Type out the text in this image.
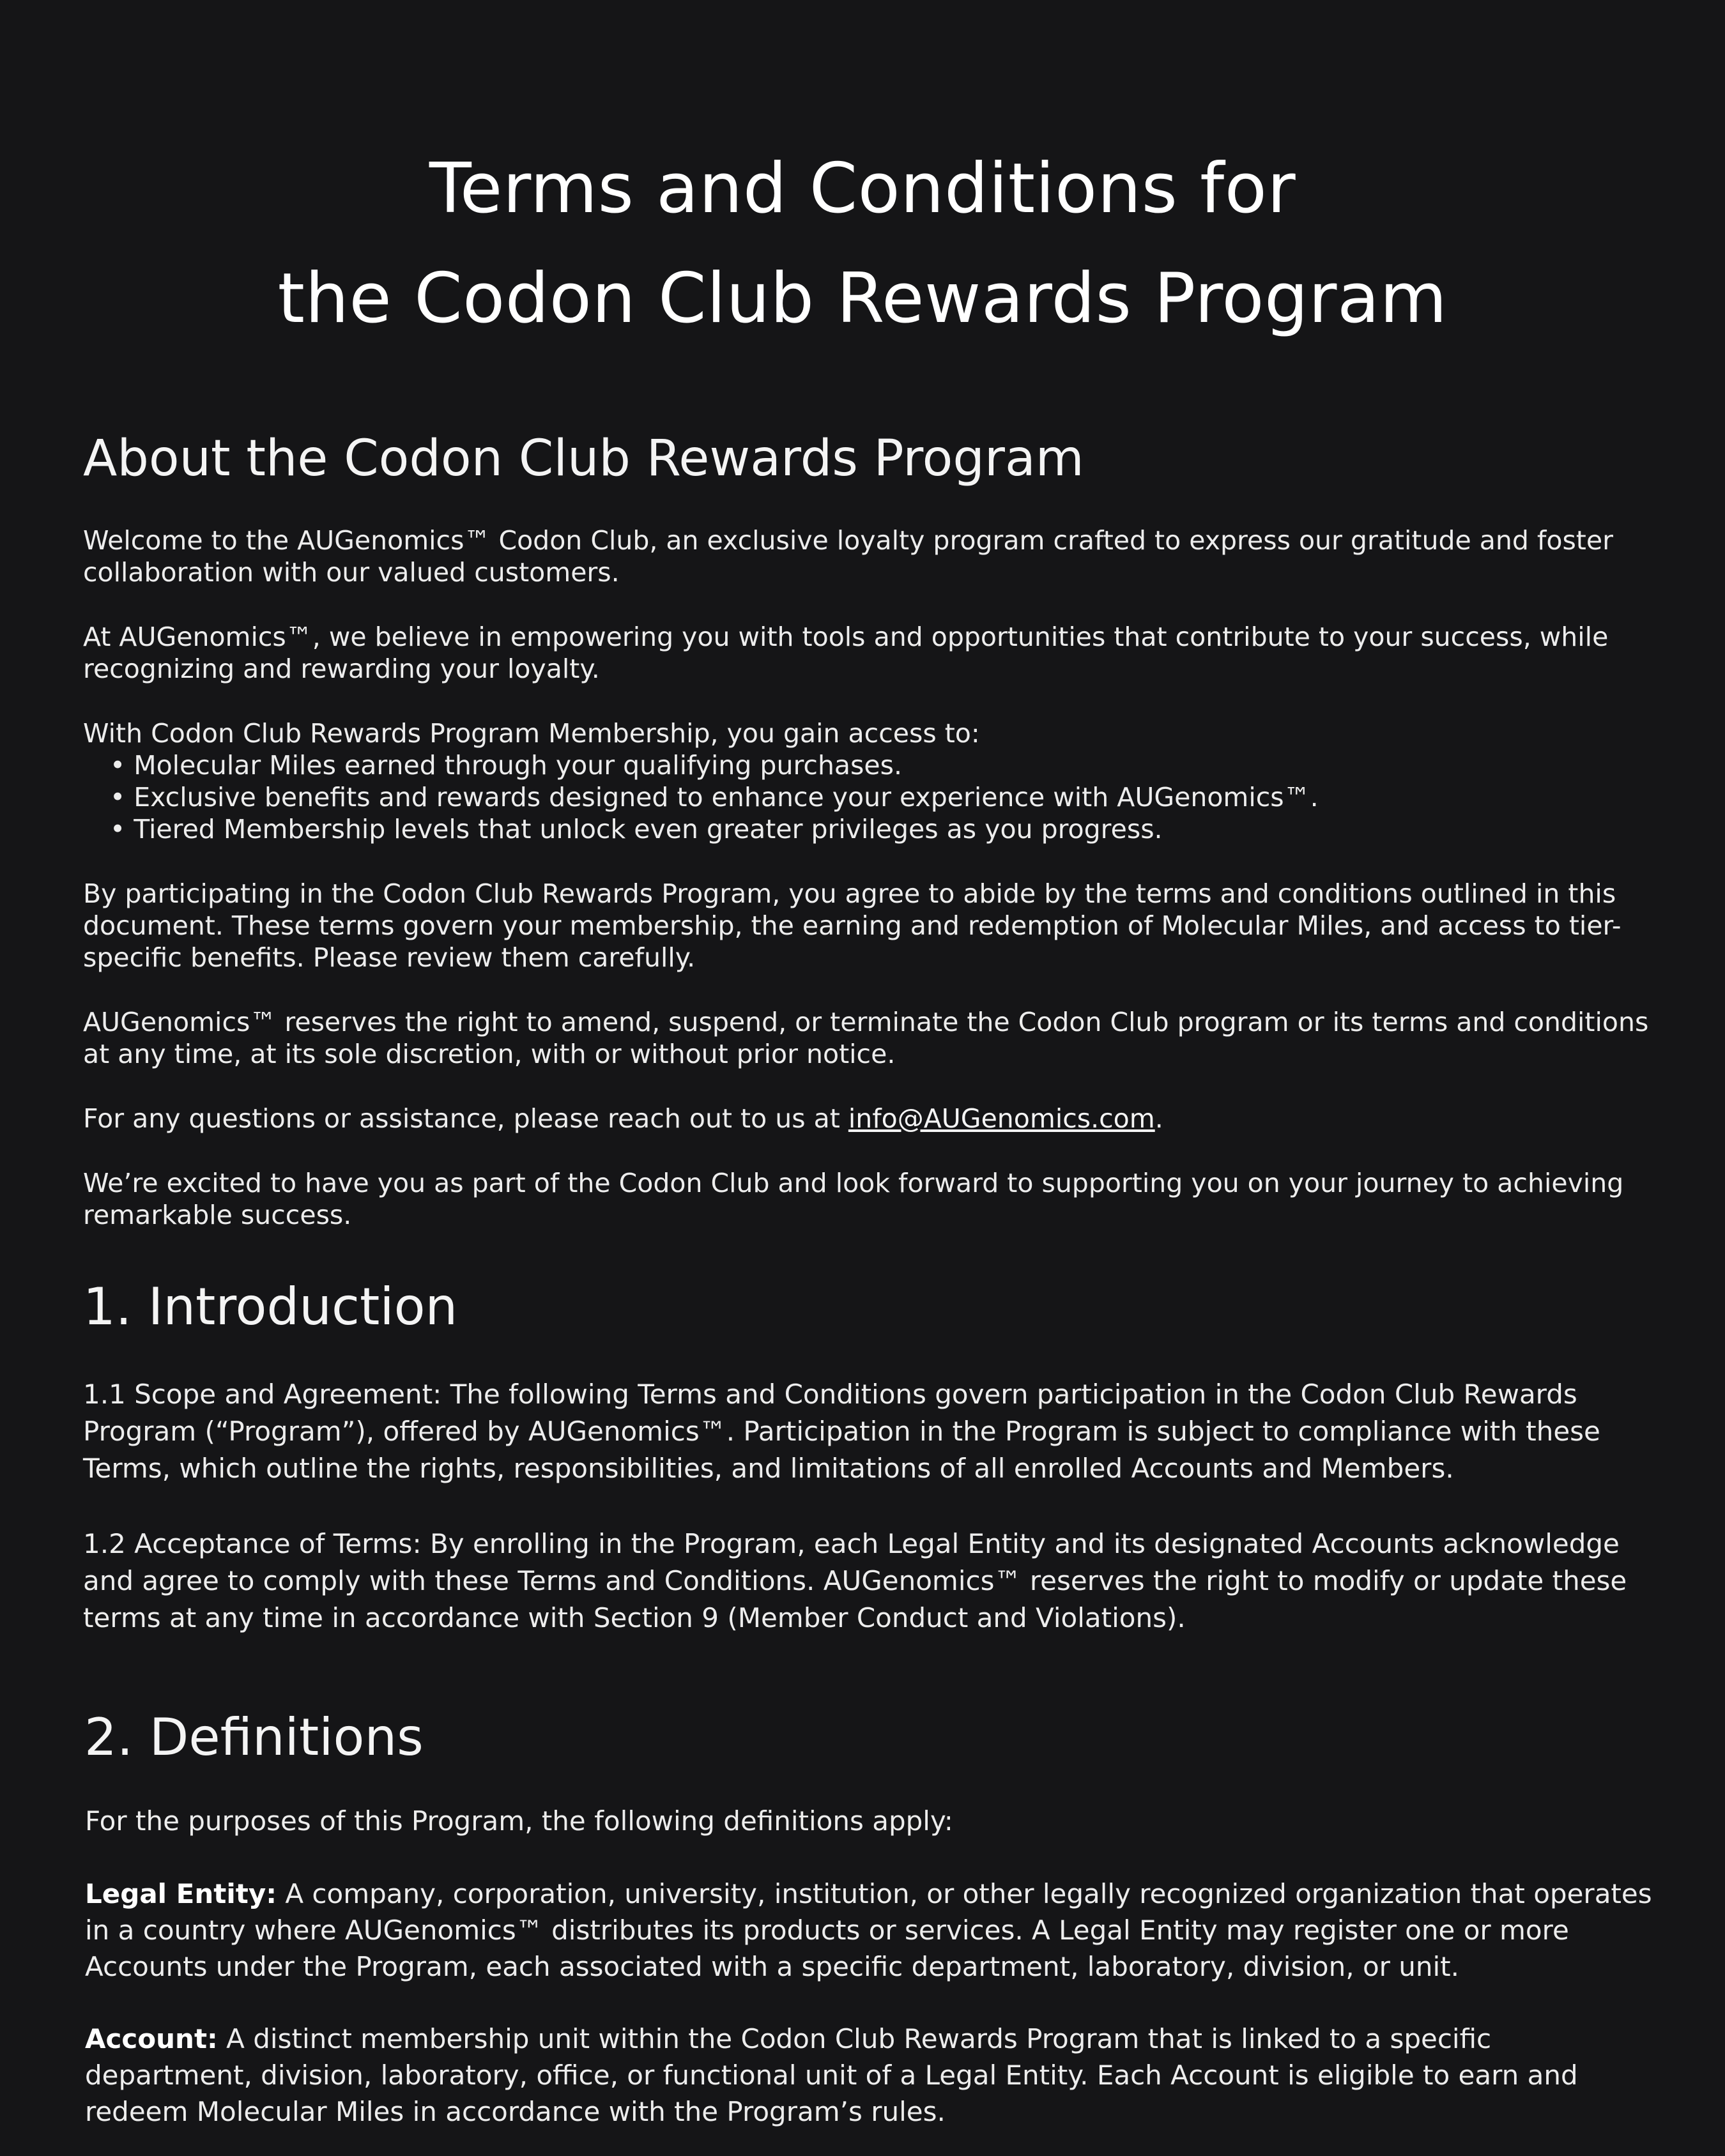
Terms and Conditions for
the Codon Club Rewards Program
About the Codon Club Rewards Program

Welcome to the AUGenomics™ Codon Club, an exclusive loyalty program crafted to express our gratitude and foster collaboration with our valued customers.

At AUGenomics™, we believe in empowering you with tools and opportunities that contribute to your success, while recognizing and rewarding your loyalty.

With Codon Club Rewards Program Membership, you gain access to:

• Molecular Miles earned through your qualifying purchases.
• Exclusive benefits and rewards designed to enhance your experience with AUGenomics™.
• Tiered Membership levels that unlock even greater privileges as you progress.

By participating in the Codon Club Rewards Program, you agree to abide by the terms and conditions outlined in this document. These terms govern your membership, the earning and redemption of Molecular Miles, and access to tier-specific benefits. Please review them carefully.

AUGenomics™ reserves the right to amend, suspend, or terminate the Codon Club program or its terms and conditions at any time, at its sole discretion, with or without prior notice.

For any questions or assistance, please reach out to us at info@AUGenomics.com.

We’re excited to have you as part of the Codon Club and look forward to supporting you on your journey to achieving remarkable success.

1. Introduction

1.1 Scope and Agreement: The following Terms and Conditions govern participation in the Codon Club Rewards Program (“Program”), offered by AUGenomics™. Participation in the Program is subject to compliance with these Terms, which outline the rights, responsibilities, and limitations of all enrolled Accounts and Members.

1.2 Acceptance of Terms: By enrolling in the Program, each Legal Entity and its designated Accounts acknowledge and agree to comply with these Terms and Conditions. AUGenomics™ reserves the right to modify or update these terms at any time in accordance with Section 9 (Member Conduct and Violations).

2. Definitions

For the purposes of this Program, the following definitions apply:

Legal Entity: A company, corporation, university, institution, or other legally recognized organization that operates in a country where AUGenomics™ distributes its products or services. A Legal Entity may register one or more Accounts under the Program, each associated with a specific department, laboratory, division, or unit.

Account: A distinct membership unit within the Codon Club Rewards Program that is linked to a specific department, division, laboratory, office, or functional unit of a Legal Entity. Each Account is eligible to earn and redeem Molecular Miles in accordance with the Program’s rules.
